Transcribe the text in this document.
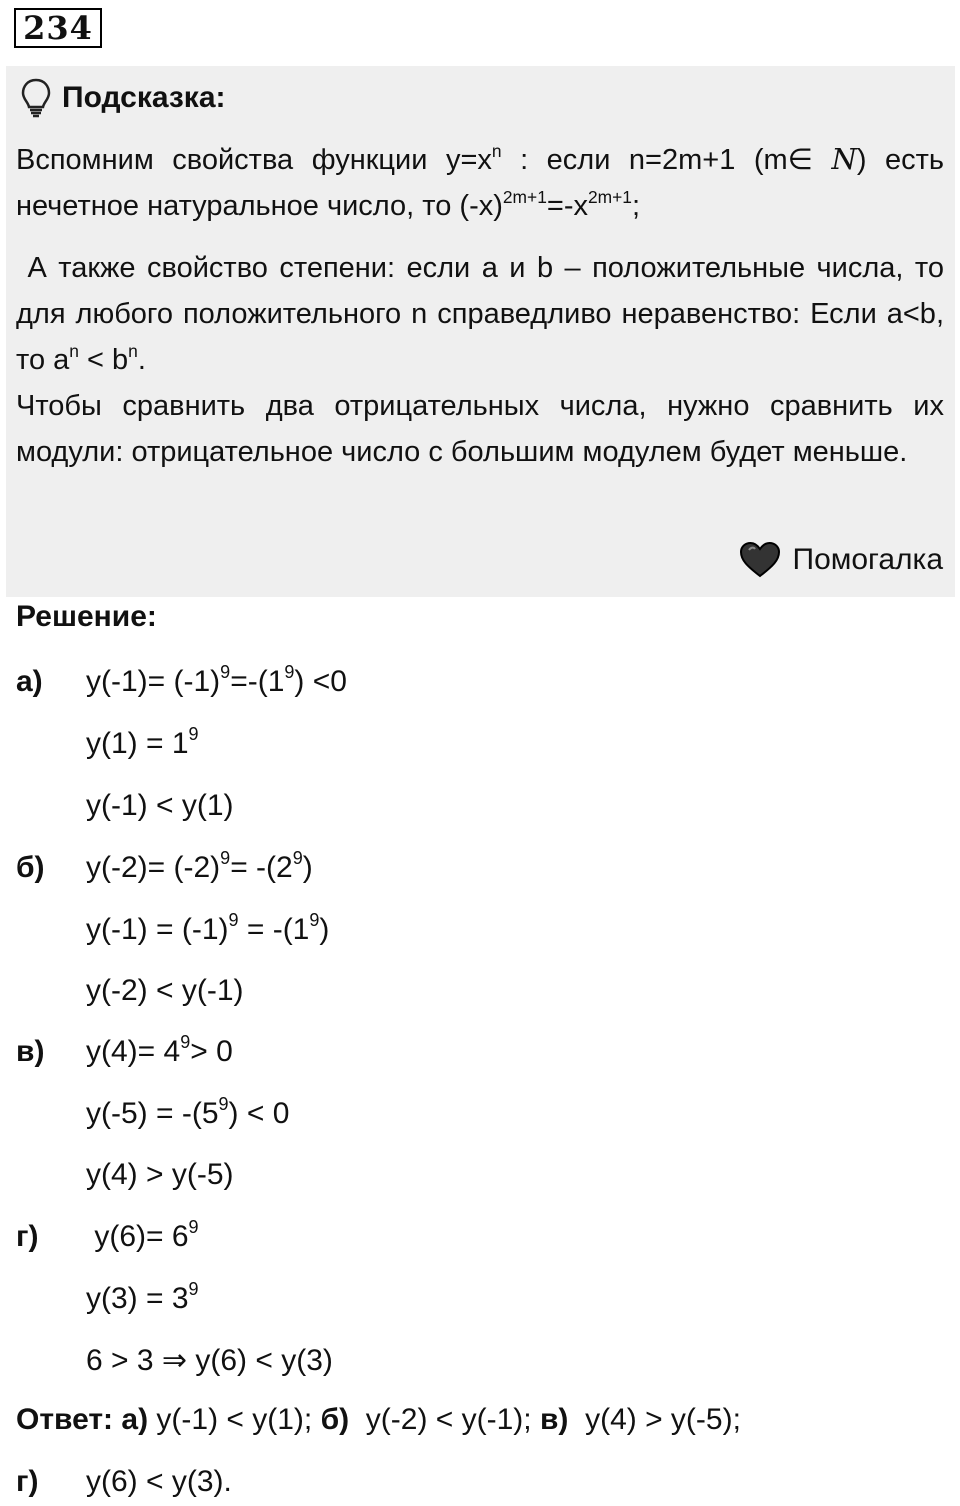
234
Подсказка:

Вспомним свойства функции $y=x^n$ : если n=2m+1 (m∈ N) есть нечетное натуральное число, то $(-x)^{2m+1}=-x^{2m+1}$;

А также свойство степени: если a и b – положительные числа, то для любого положительного n справедливо неравенство: Если a<b, то $a^n < b^n$.

Чтобы сравнить два отрицательных числа, нужно сравнить их модули: отрицательное число с большим модулем будет меньше.

Помогалка
Решение:
а)	$y(-1)= (-1)^9=-(1^9) <0$
$y(1) = 1^9$
y(-1) < y(1)
б)	$y(-2)= (-2)^9= -(2^9)$
$y(-1) = (-1)^9 = -(1^9)$
y(-2) < y(-1)
в)	$y(4)= 4^9> 0$
$y(-5) = -(5^9) < 0$
y(4) > y(-5)
г)	$y(6)= 6^9$
$y(3) = 3^9$
6 > 3 ⇒ y(6) < y(3)
Ответ: а) y(-1) < y(1); б)  y(-2) < y(-1); в)  y(4) > y(-5);
г)	y(6) < y(3).
